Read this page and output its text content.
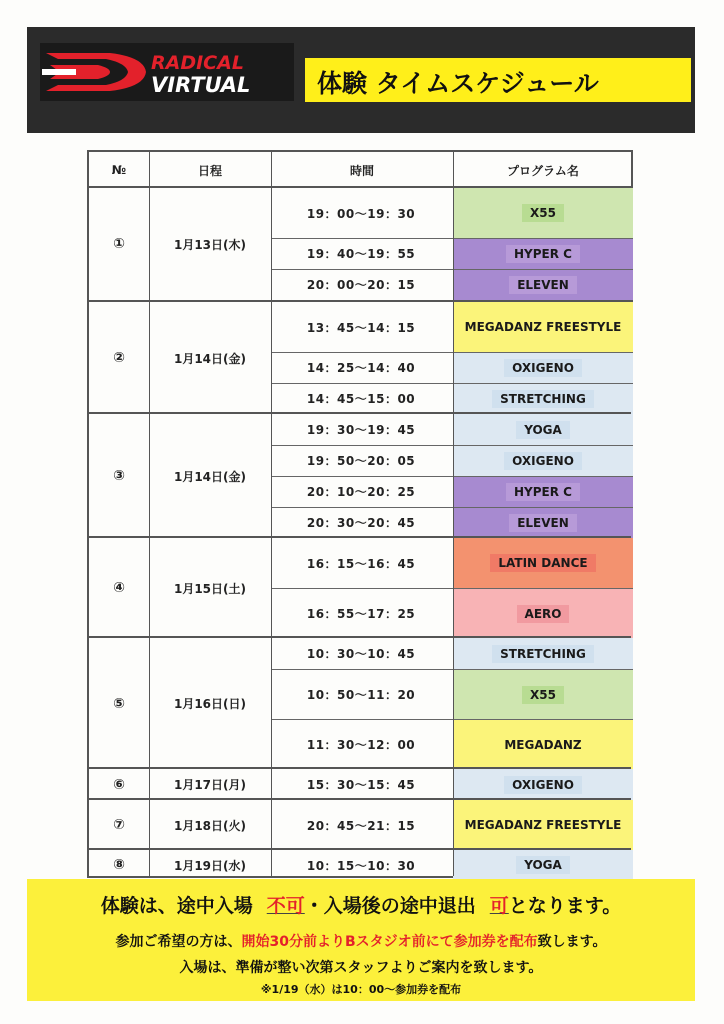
RADICAL
VIRTUAL	体験 タイムスケジュール
№	日程	時間	プログラム名
①	1月13日(木)
19：00～19：30	X55
19：40～19：55	HYPER C
20：00～20：15	ELEVEN
②	1月14日(金)
13：45～14：15	MEGADANZ FREESTYLE
14：25～14：40	OXIGENO
14：45～15：00	STRETCHING
③	1月14日(金)
19：30～19：45	YOGA
19：50～20：05	OXIGENO
20：10～20：25	HYPER C
20：30～20：45	ELEVEN
④	1月15日(土)
16：15～16：45	LATIN DANCE
16：55～17：25	AERO
⑤	1月16日(日)
10：30～10：45	STRETCHING
10：50～11：20	X55
11：30～12：00	MEGADANZ
⑥	1月17日(月)	15：30～15：45	OXIGENO
⑦	1月18日(火)	20：45～21：15	MEGADANZ FREESTYLE
⑧	1月19日(水)	10：15～10：30	YOGA
体験は、途中入場 不可・入場後の途中退出 可となります。
参加ご希望の方は、開始30分前よりBスタジオ前にて参加券を配布致します。
入場は、準備が整い次第スタッフよりご案内を致します。
※1/19（水）は10：00～参加券を配布
